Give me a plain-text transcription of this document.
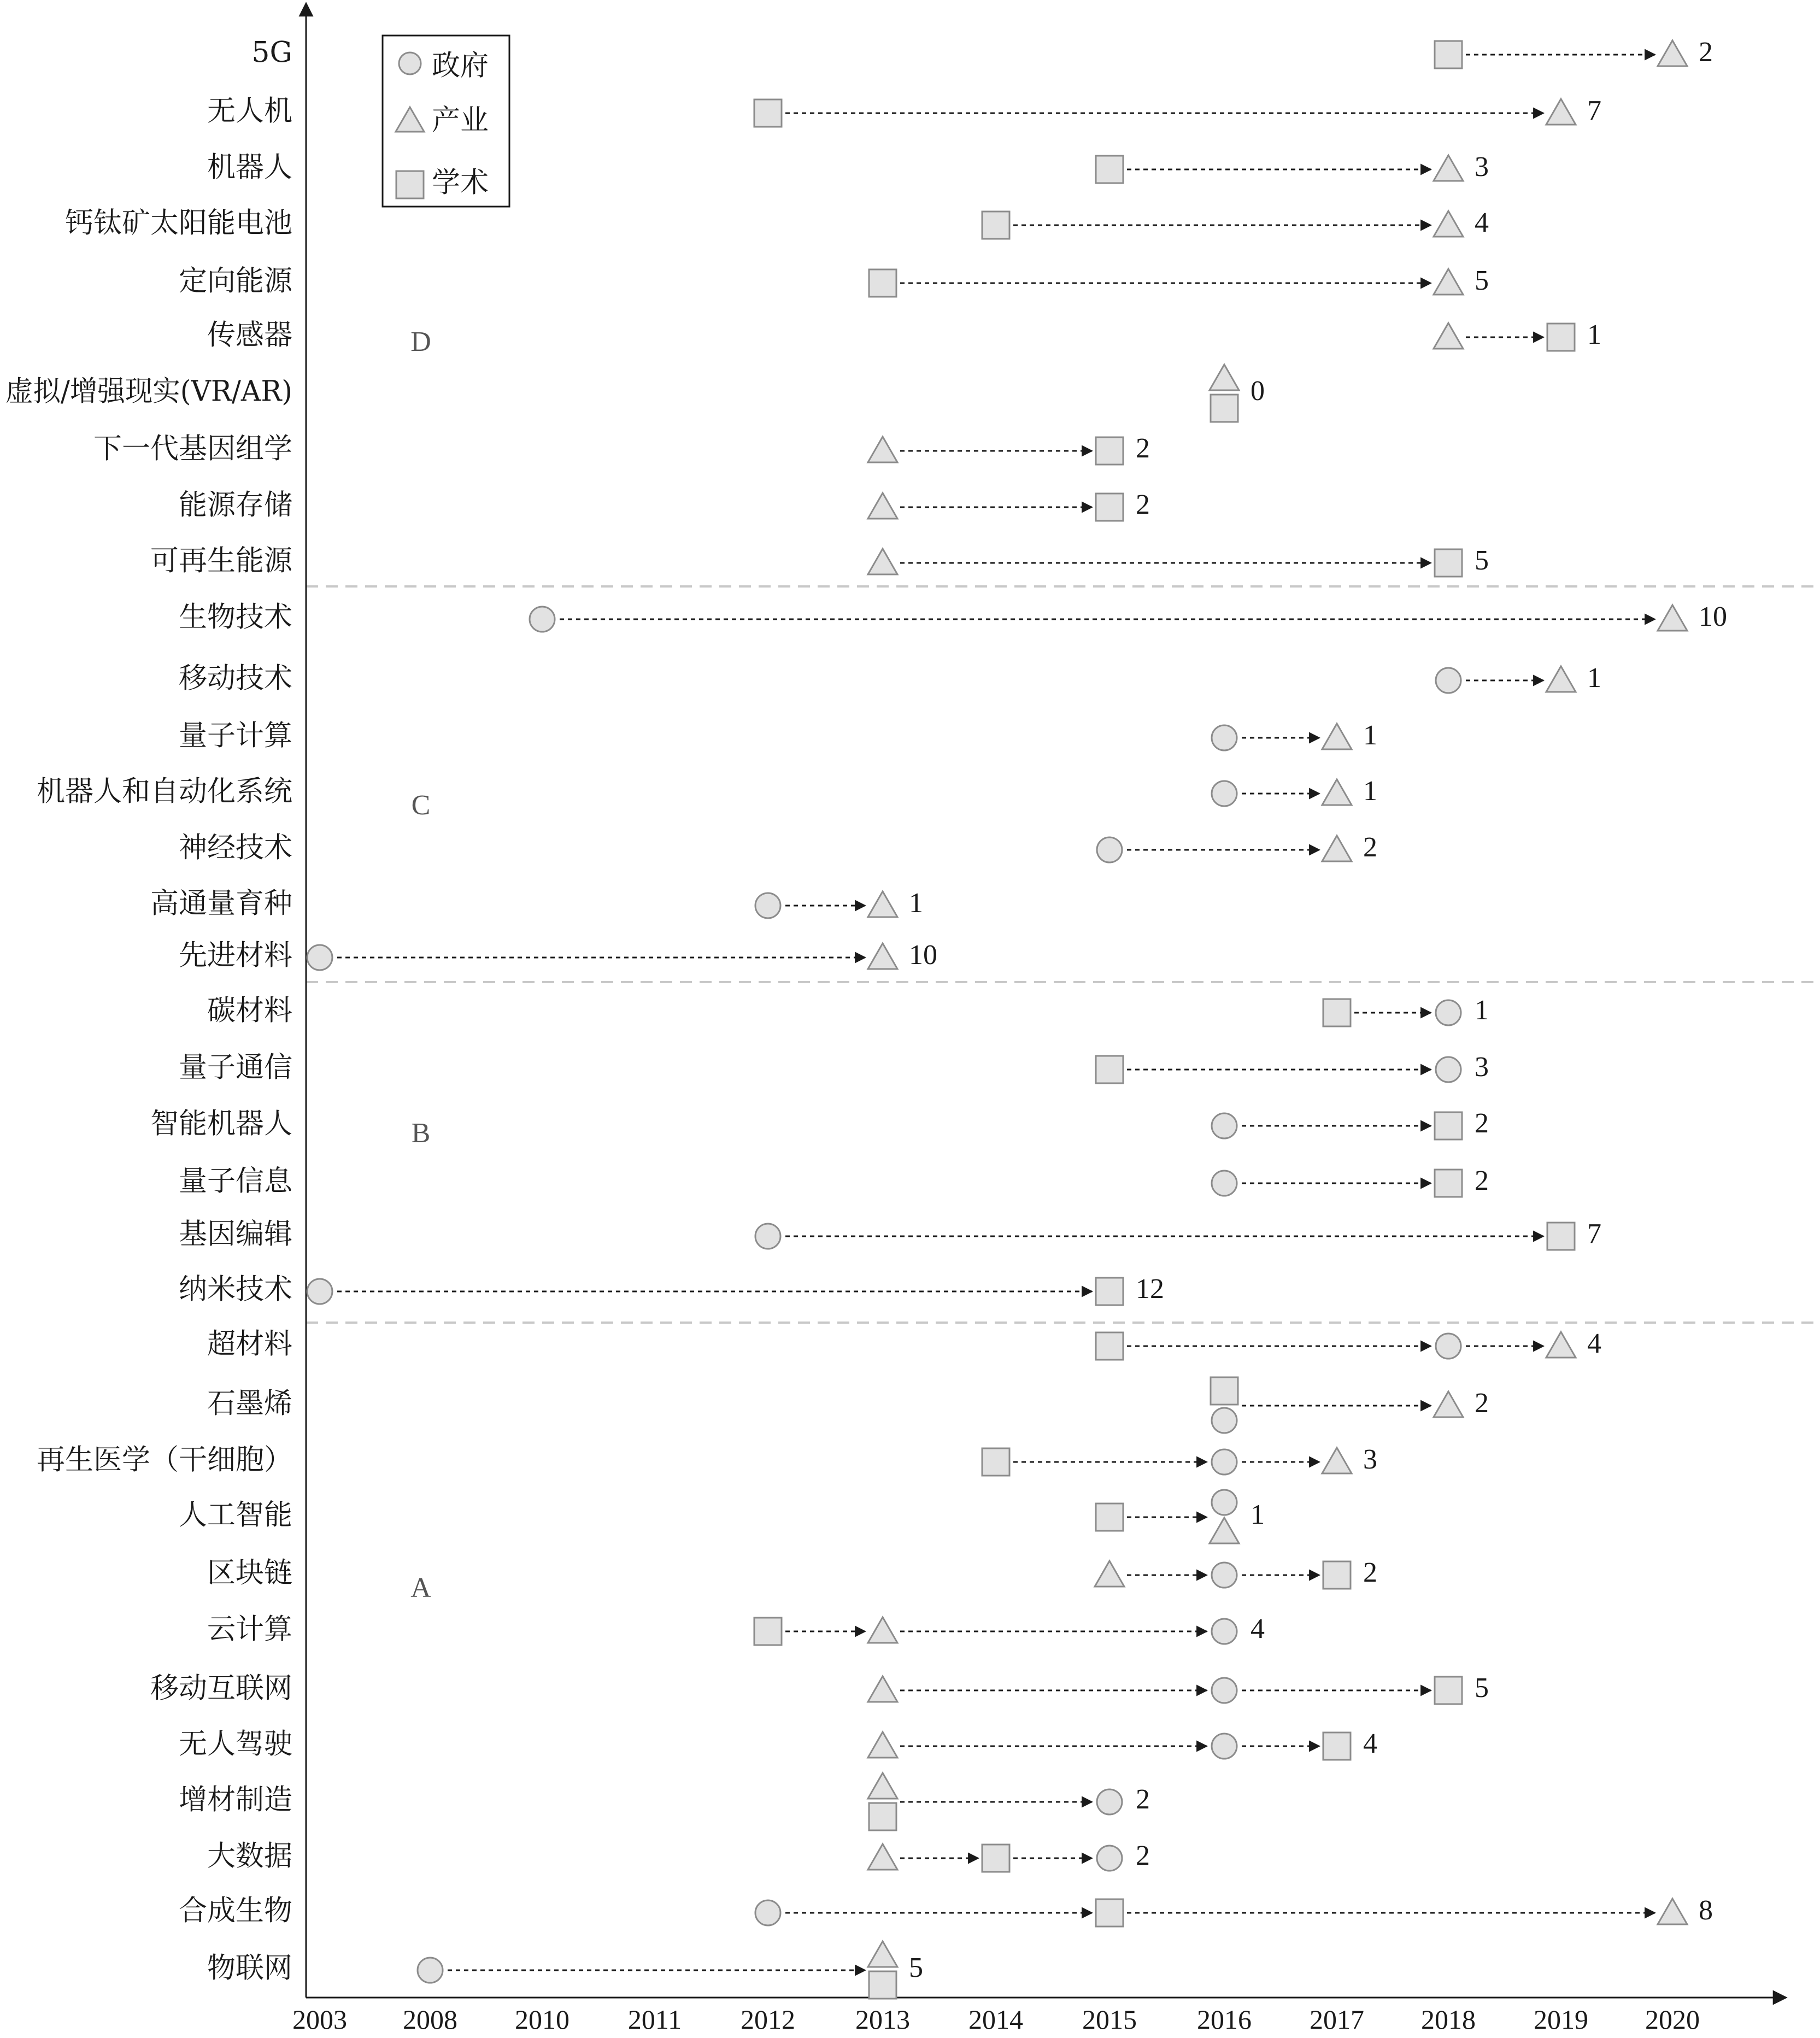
2003 2008 2010 2011 2012 2013 2014 2015 2016 2017 2018 2019 2020
5G
无人机
机器人
钙钛矿太阳能电池
定向能源
传感器
虚拟/增强现实(VR/AR)
下一代基因组学
能源存储
可再生能源
生物技术
移动技术
量子计算
机器人和自动化系统
神经技术
高通量育种
先进材料
碳材料
量子通信
智能机器人
量子信息
基因编辑
纳米技术
超材料
石墨烯
再生医学（干细胞）
人工智能
区块链
云计算
移动互联网
无人驾驶
增材制造
大数据
合成生物
物联网
D
C
B
A
2
7
3
4
5
1
0
2
2
5
10
1
1
1
2
1
10
1
3
2
2
7
12
4
2
3
1
2
4
5
4
2
2
8
5
政府
产业
学术
